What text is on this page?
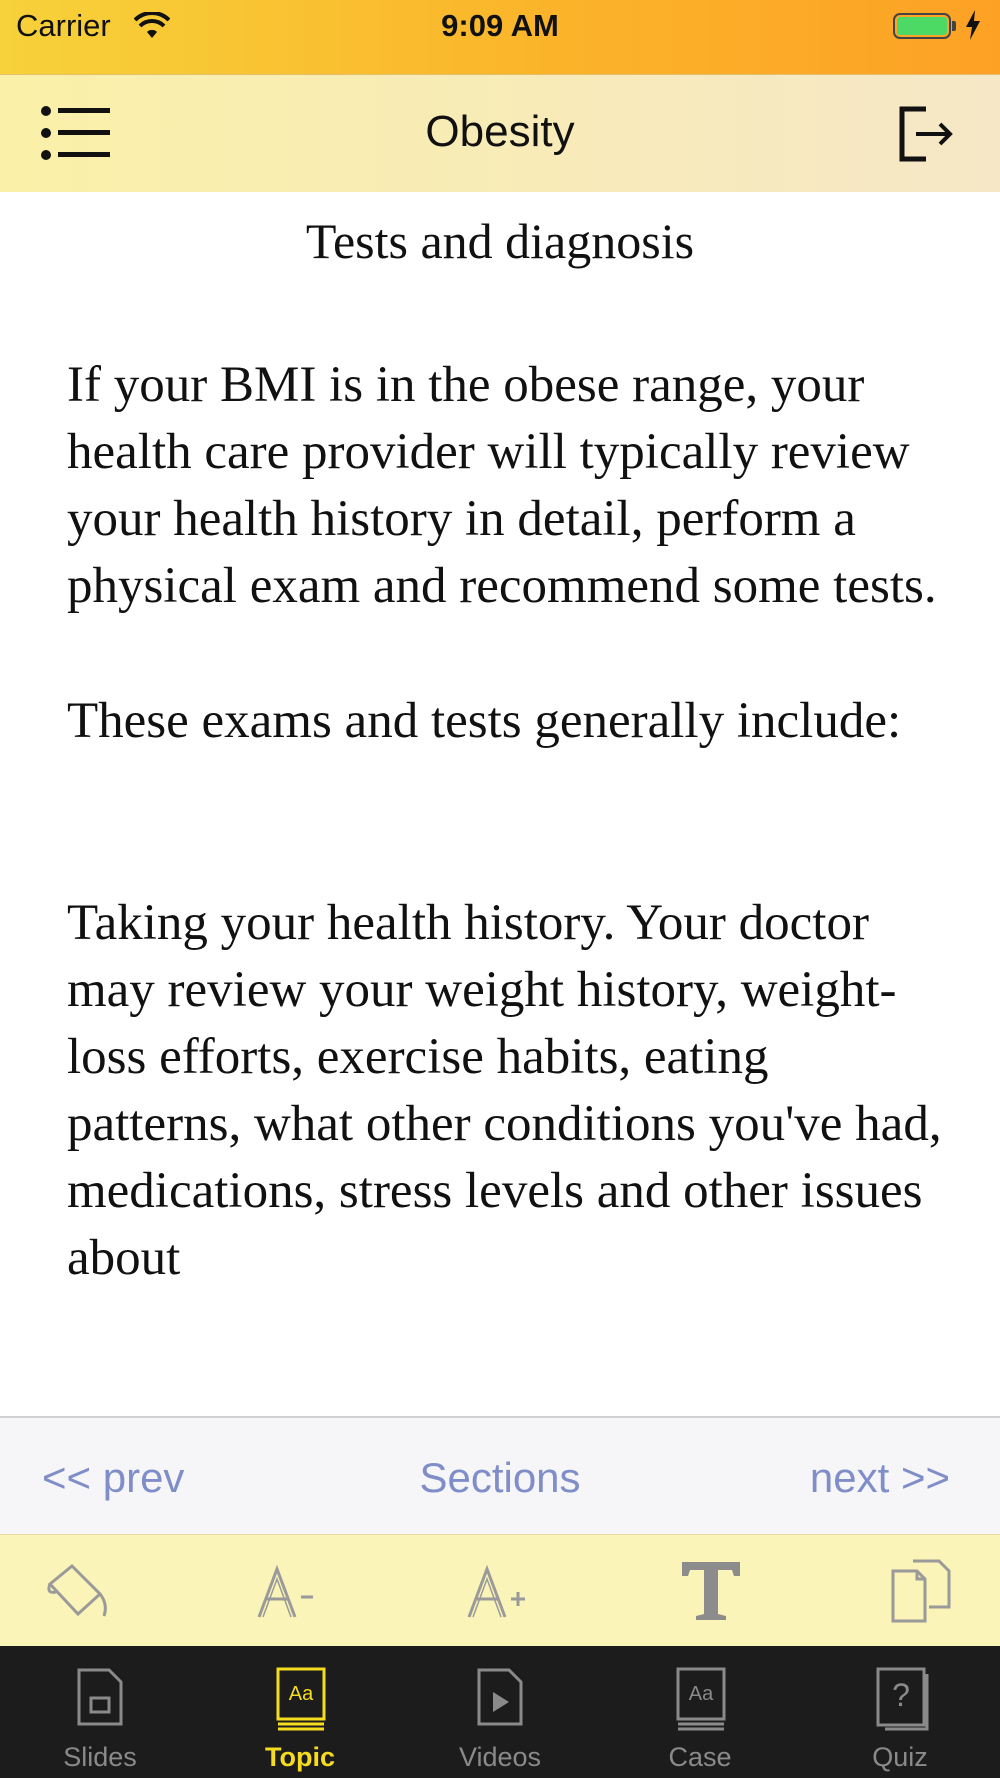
Carrier	9:09 AM
Obesity
Tests and diagnosis

If your BMI is in the obese range, your health care provider will typically review your health history in detail, perform a physical exam and recommend some tests.

These exams and tests generally include:

Taking your health history. Your doctor may review your weight history, weight-loss efforts, exercise habits, eating patterns, what other conditions you've had, medications, stress levels and other issues about

Sections
<< prev	next >>
Slides
Aa
Topic	Videos
Aa
Case
?
Quiz
